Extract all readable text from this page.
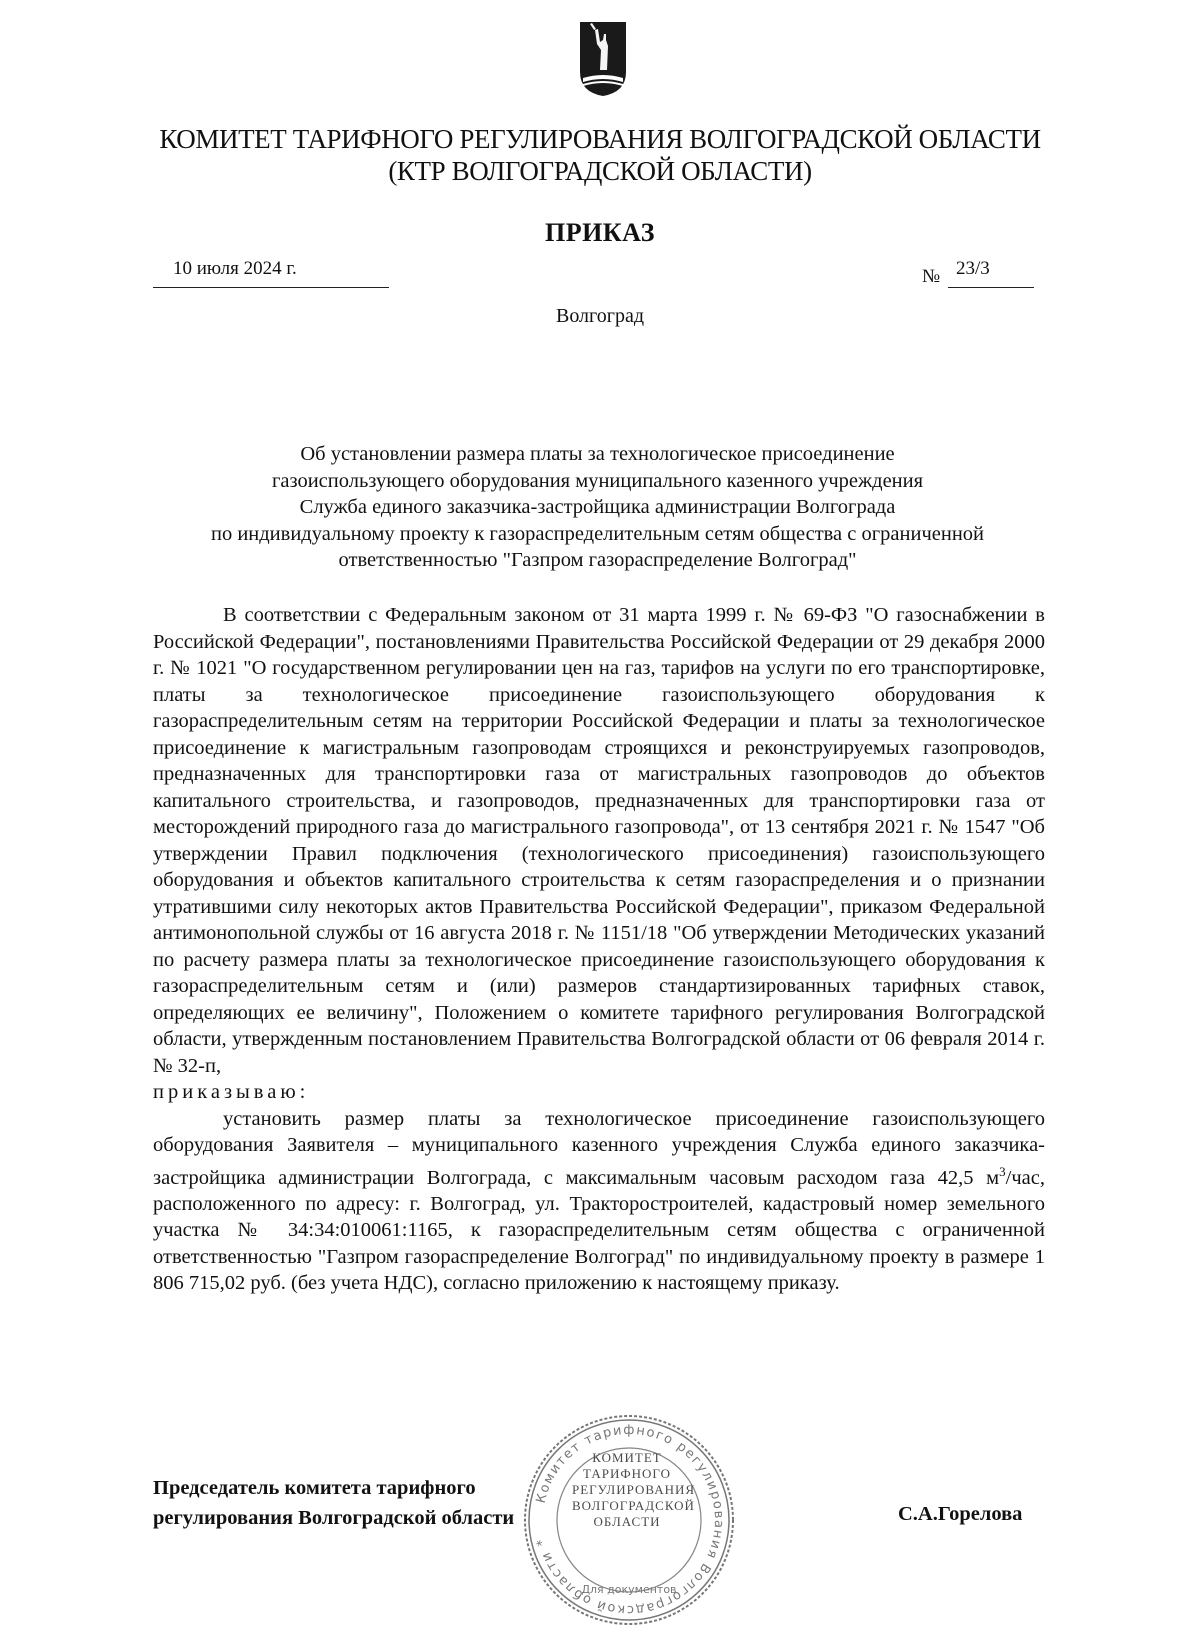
КОМИТЕТ ТАРИФНОГО РЕГУЛИРОВАНИЯ ВОЛГОГРАДСКОЙ ОБЛАСТИ
(КТР ВОЛГОГРАДСКОЙ ОБЛАСТИ)
ПРИКАЗ
10 июля 2024 г.	№ 23/3
Волгоград
Об установлении размера платы за технологическое присоединение
газоиспользующего оборудования муниципального казенного учреждения
Служба единого заказчика-застройщика администрации Волгограда
по индивидуальному проекту к газораспределительным сетям общества с ограниченной
ответственностью "Газпром газораспределение Волгоград"

В соответствии с Федеральным законом от 31 марта 1999 г. № 69-ФЗ "О газоснабжении в Российской Федерации", постановлениями Правительства Российской Федерации от 29 декабря 2000 г. № 1021 "О государственном регулировании цен на газ, тарифов на услуги по его транспортировке, платы за технологическое присоединение газоиспользующего оборудования к газораспределительным сетям на территории Российской Федерации и платы за технологическое присоединение к магистральным газопроводам строящихся и реконструируемых газопроводов, предназначенных для транспортировки газа от магистральных газопроводов до объектов капитального строительства, и газопроводов, предназначенных для транспортировки газа от месторождений природного газа до магистрального газопровода", от 13 сентября 2021 г. № 1547 "Об утверждении Правил подключения (технологического присоединения) газоиспользующего оборудования и объектов капитального строительства к сетям газораспределения и о признании утратившими силу некоторых актов Правительства Российской Федерации", приказом Федеральной антимонопольной службы от 16 августа 2018 г. № 1151/18 "Об утверждении Методических указаний по расчету размера платы за технологическое присоединение газоиспользующего оборудования к газораспределительным сетям и (или) размеров стандартизированных тарифных ставок, определяющих ее величину", Положением о комитете тарифного регулирования Волгоградской области, утвержденным постановлением Правительства Волгоградской области от 06 февраля 2014 г. № 32-п,

приказываю:

установить размер платы за технологическое присоединение газоиспользующего оборудования Заявителя – муниципального казенного учреждения Служба единого заказчика-застройщика администрации Волгограда, с максимальным часовым расходом газа 42,5 $м^3$/час, расположенного по адресу: г. Волгоград, ул. Тракторостроителей, кадастровый номер земельного участка № 34:34:010061:1165, к газораспределительным сетям общества с ограниченной ответственностью "Газпром газораспределение Волгоград" по индивидуальному проекту в размере 1 806 715,02 руб. (без учета НДС), согласно приложению к настоящему приказу.

Председатель комитета тарифного
регулирования Волгоградской области	С.А.Горелова
Комитет тарифного регулирования Волгоградской области *
Для документов
КОМИТЕТ
ТАРИФНОГО
РЕГУЛИРОВАНИЯ
ВОЛГОГРАДСКОЙ
ОБЛАСТИ
